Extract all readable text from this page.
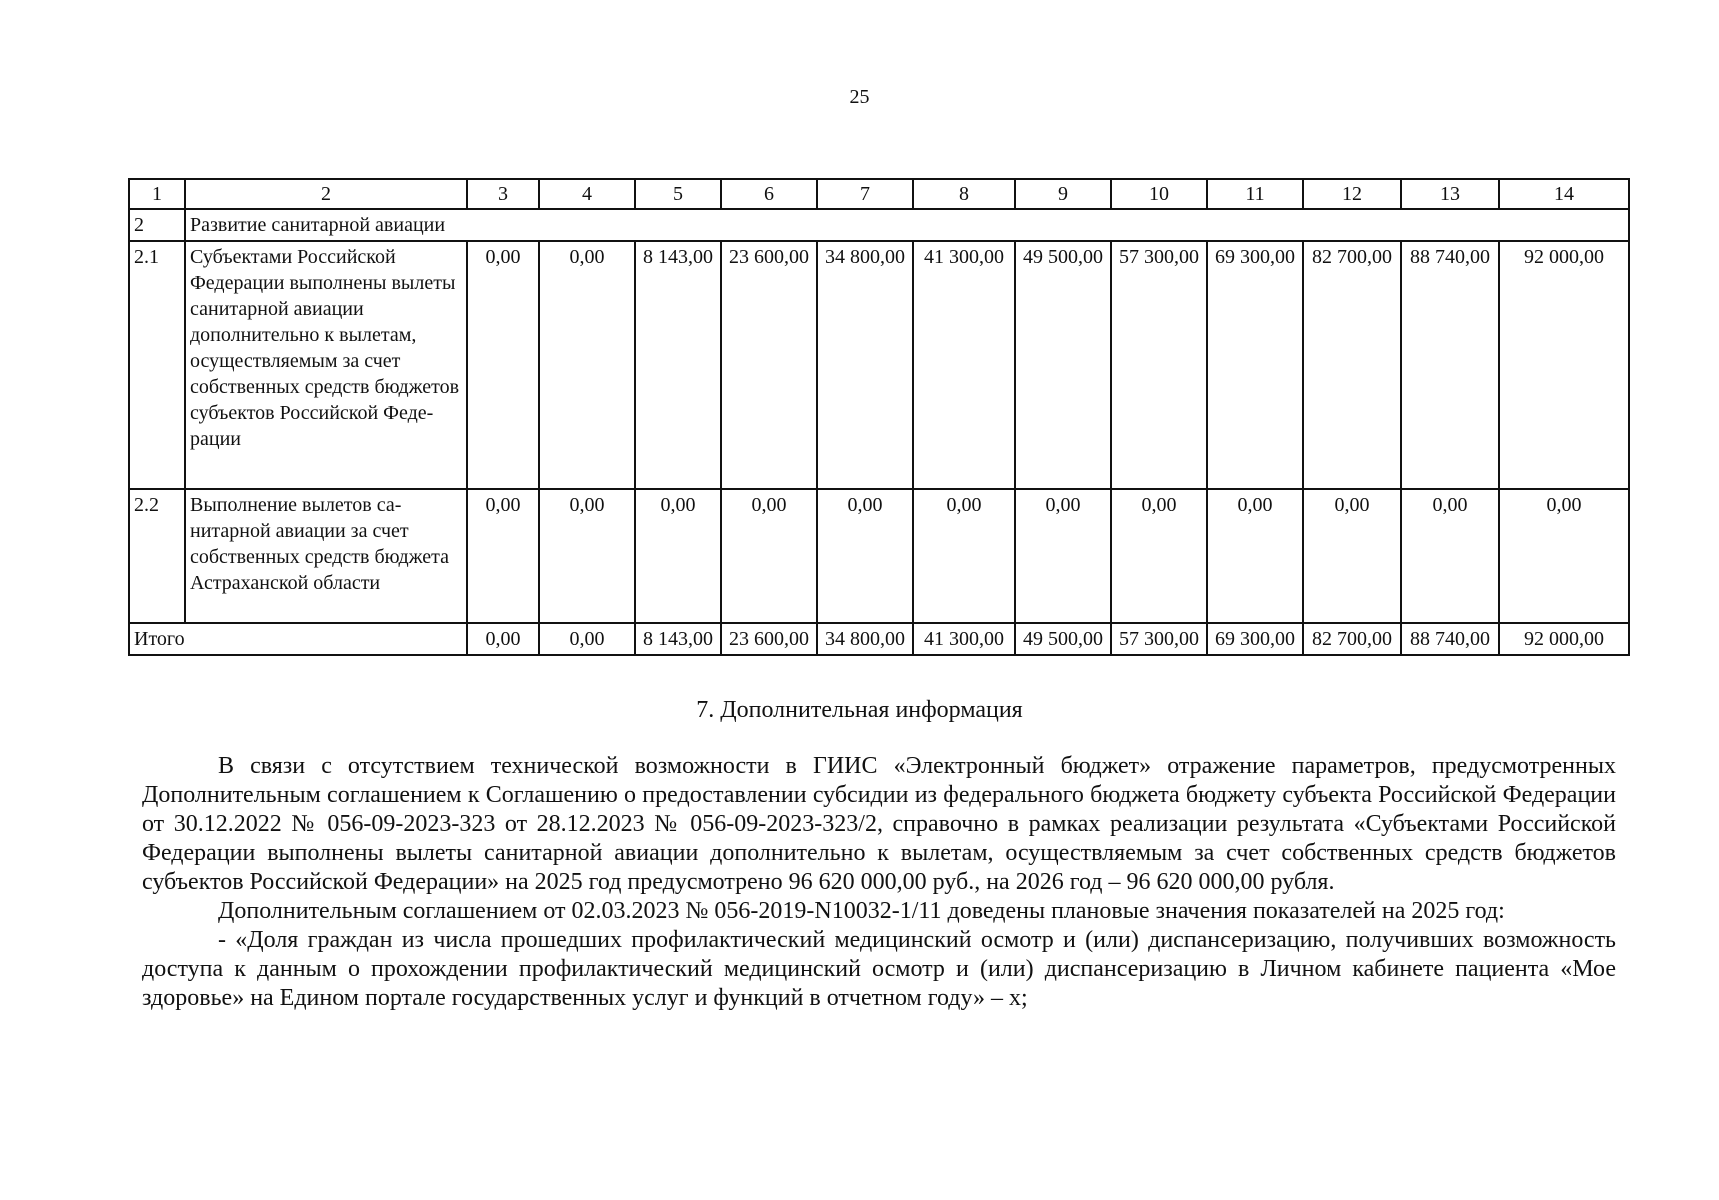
25
1	2	3	4	5	6	7	8	9	10	11	12	13	14
2	Развитие санитарной авиации												
2.1	Субъектами Российской Федерации выполнены вылеты санитарной авиации дополнительно к вылетам, осуществляемым за счет собственных средств бюджетов субъектов Российской Федерации	0,00	0,00	8 143,00	23 600,00	34 800,00	41 300,00	49 500,00	57 300,00	69 300,00	82 700,00	88 740,00	92 000,00
2.2	Выполнение вылетов санитарной авиации за счет собственных средств бюджета Астраханской области	0,00	0,00	0,00	0,00	0,00	0,00	0,00	0,00	0,00	0,00	0,00	0,00
Итого		0,00	0,00	8 143,00	23 600,00	34 800,00	41 300,00	49 500,00	57 300,00	69 300,00	82 700,00	88 740,00	92 000,00
7. Дополнительная информация

В связи с отсутствием технической возможности в ГИИС «Электронный бюджет» отражение параметров, предусмотренных Дополнительным соглашением к Соглашению о предоставлении субсидии из федерального бюджета бюджету субъекта Российской Федерации от 30.12.2022 № 056-09-2023-323 от 28.12.2023 № 056-09-2023-323/2, справочно в рамках реализации результата «Субъектами Российской Федерации выполнены вылеты санитарной авиации дополнительно к вылетам, осуществляемым за счет собственных средств бюджетов субъектов Российской Федерации» на 2025 год предусмотрено 96 620 000,00 руб., на 2026 год – 96 620 000,00 рубля.

Дополнительным соглашением от 02.03.2023 № 056-2019-N10032-1/11 доведены плановые значения показателей на 2025 год:

- «Доля граждан из числа прошедших профилактический медицинский осмотр и (или) диспансеризацию, получивших возможность доступа к данным о прохождении профилактический медицинский осмотр и (или) диспансеризацию в Личном кабинете пациента «Мое здоровье» на Едином портале государственных услуг и функций в отчетном году» – х;
